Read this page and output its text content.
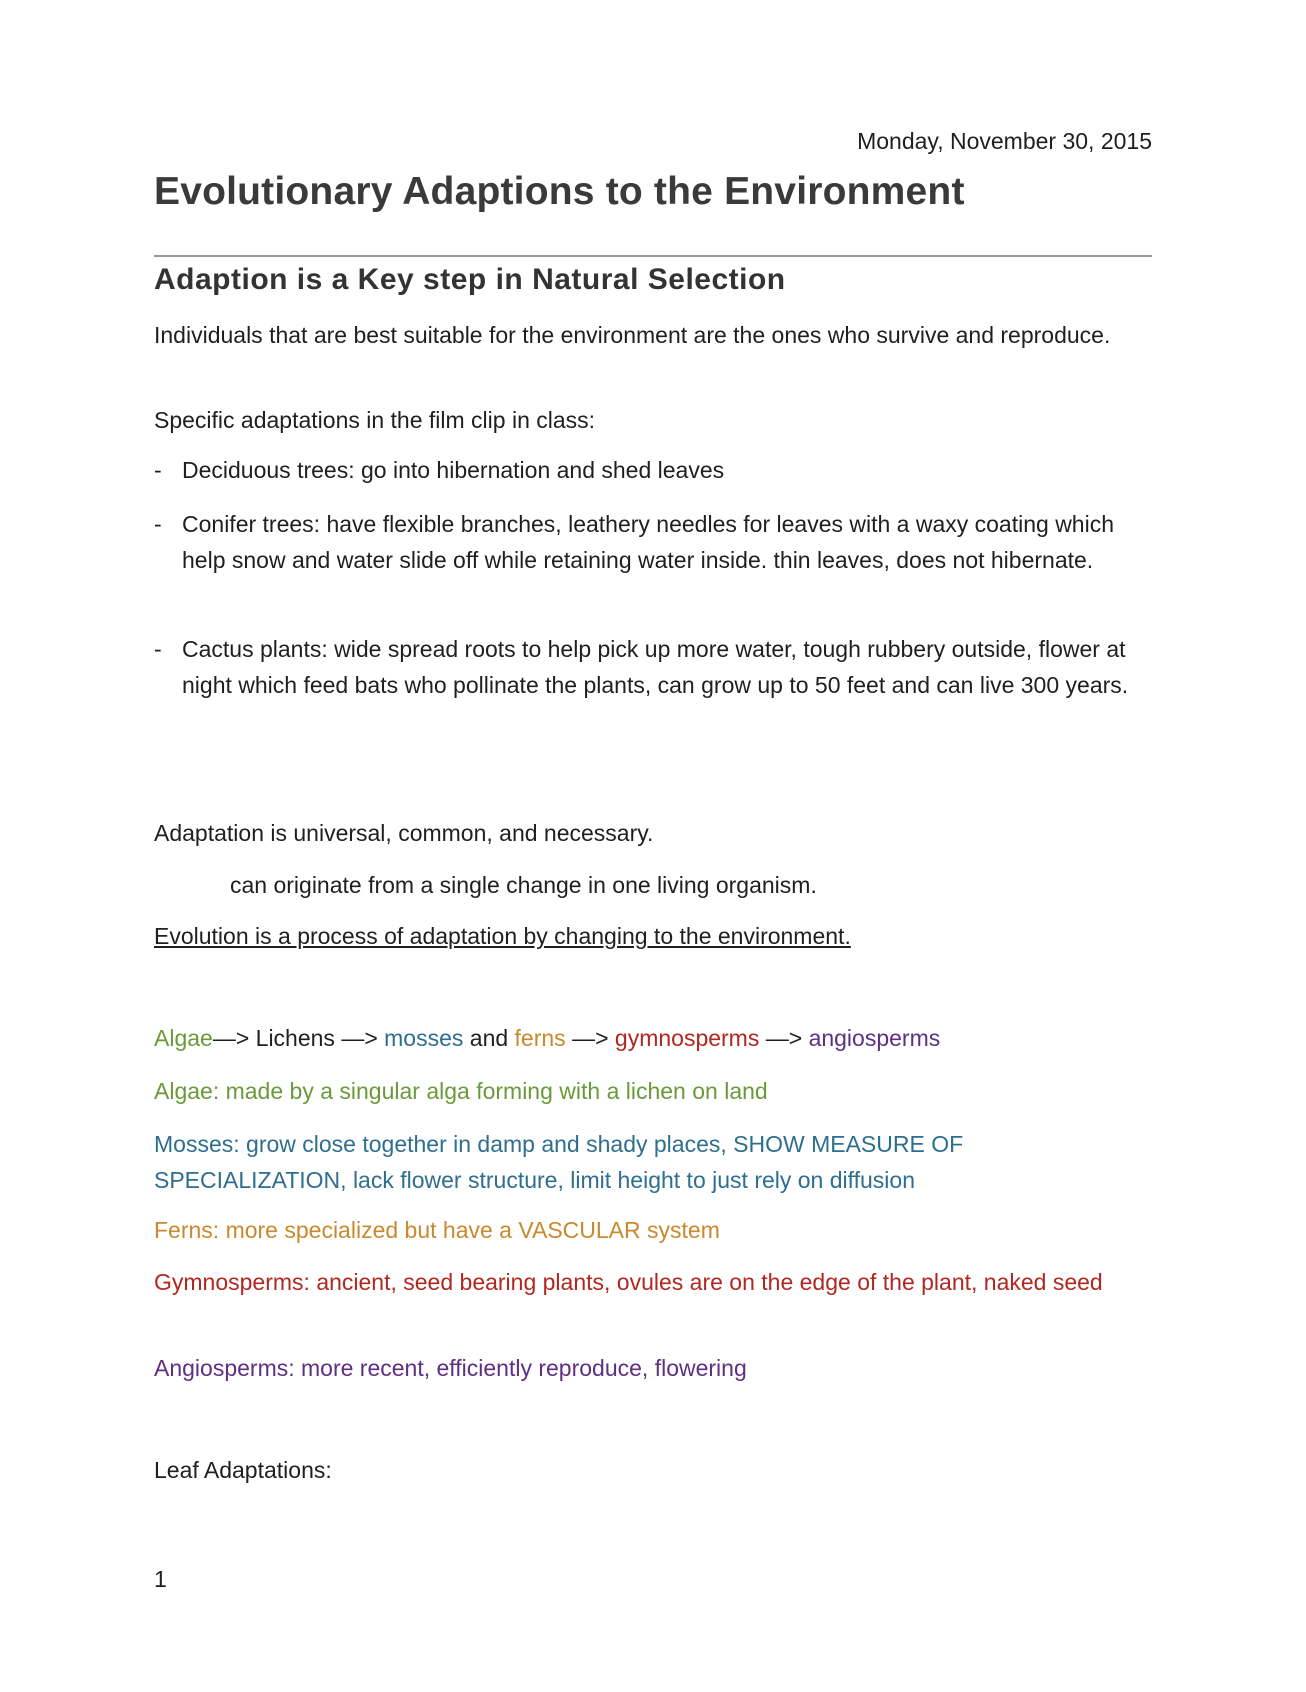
Monday, November 30, 2015
Evolutionary Adaptions to the Environment
Adaption is a Key step in Natural Selection

Individuals that are best suitable for the environment are the ones who survive and reproduce.

Specific adaptations in the film clip in class:

- Deciduous trees: go into hibernation and shed leaves
- Conifer trees: have flexible branches, leathery needles for leaves with a waxy coating which help snow and water slide off while retaining water inside. thin leaves, does not hibernate.
- Cactus plants: wide spread roots to help pick up more water, tough rubbery outside, flower at night which feed bats who pollinate the plants, can grow up to 50 feet and can live 300 years.

Adaptation is universal, common, and necessary.

can originate from a single change in one living organism.

Evolution is a process of adaptation by changing to the environment.

Algae—> Lichens —> mosses and ferns —> gymnosperms —> angiosperms

Algae: made by a singular alga forming with a lichen on land

Mosses: grow close together in damp and shady places, SHOW MEASURE OF SPECIALIZATION, lack flower structure, limit height to just rely on diffusion

Ferns: more specialized but have a VASCULAR system

Gymnosperms: ancient, seed bearing plants, ovules are on the edge of the plant, naked seed

Angiosperms: more recent, efficiently reproduce, flowering

Leaf Adaptations:

1
